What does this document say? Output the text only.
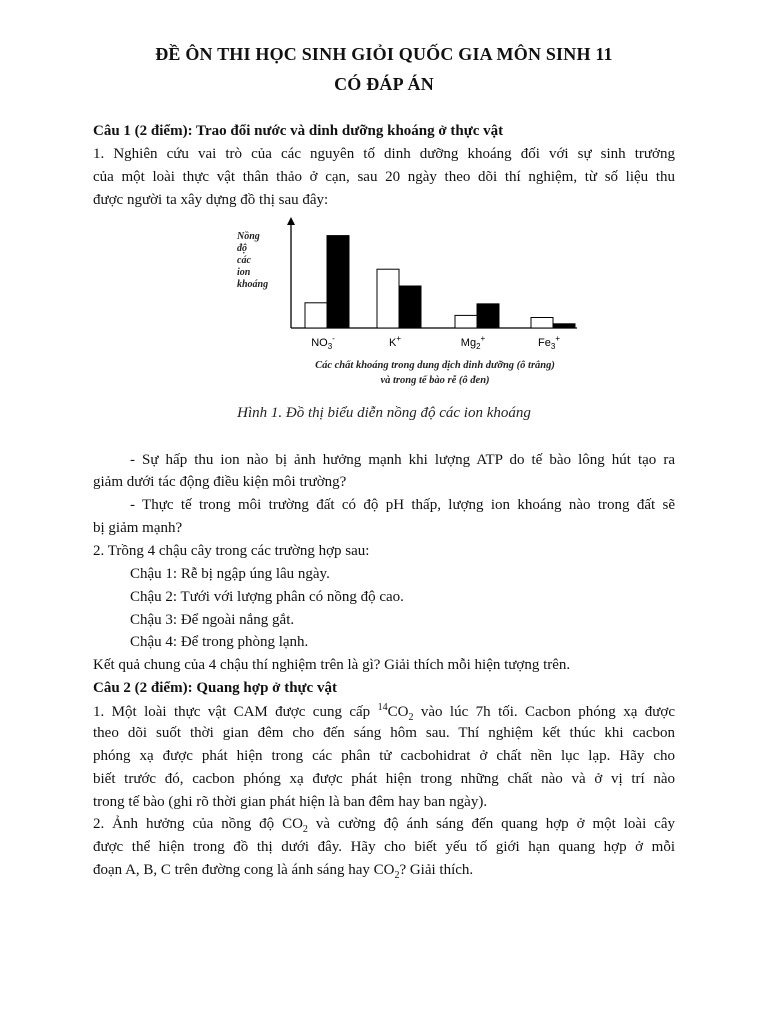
ĐỀ ÔN THI HỌC SINH GIỎI QUỐC GIA MÔN SINH 11
CÓ ĐÁP ÁN
Câu 1 (2 điểm): Trao đổi nước và dinh dưỡng khoáng ở thực vật
1. Nghiên cứu vai trò của các nguyên tố dinh dưỡng khoáng đối với sự sinh trưởng
của một loài thực vật thân thảo ở cạn, sau 20 ngày theo dõi thí nghiệm, từ số liệu thu
được người ta xây dựng đồ thị sau đây:
Nồng độ các ion khoáng
$NO_3^-$	K+	$Mg_2^+$	$Fe_3^+$
Các chất khoáng trong dung dịch dinh dưỡng (ô trắng)
và trong tế bào rễ (ô đen)
Hình 1. Đồ thị biểu diễn nồng độ các ion khoáng
- Sự hấp thu ion nào bị ảnh hưởng mạnh khi lượng ATP do tế bào lông hút tạo ra
giảm dưới tác động điều kiện môi trường?
- Thực tế trong môi trường đất có độ pH thấp, lượng ion khoáng nào trong đất sẽ
bị giảm mạnh?
2. Trồng 4 chậu cây trong các trường hợp sau:
Chậu 1: Rễ bị ngập úng lâu ngày.
Chậu 2: Tưới với lượng phân có nồng độ cao.
Chậu 3: Để ngoài nắng gắt.
Chậu 4: Để trong phòng lạnh.
Kết quả chung của 4 chậu thí nghiệm trên là gì? Giải thích mỗi hiện tượng trên.
Câu 2 (2 điểm): Quang hợp ở thực vật
1. Một loài thực vật CAM được cung cấp $^{14}CO_2$ vào lúc 7h tối. Cacbon phóng xạ được
theo dõi suốt thời gian đêm cho đến sáng hôm sau. Thí nghiệm kết thúc khi cacbon
phóng xạ được phát hiện trong các phân tử cacbohidrat ở chất nền lục lạp. Hãy cho
biết trước đó, cacbon phóng xạ được phát hiện trong những chất nào và ở vị trí nào
trong tế bào (ghi rõ thời gian phát hiện là ban đêm hay ban ngày).
2. Ảnh hưởng của nồng độ $CO_2$ và cường độ ánh sáng đến quang hợp ở một loài cây
được thể hiện trong đồ thị dưới đây. Hãy cho biết yếu tố giới hạn quang hợp ở mỗi
đoạn A, B, C trên đường cong là ánh sáng hay $CO_2$? Giải thích.
